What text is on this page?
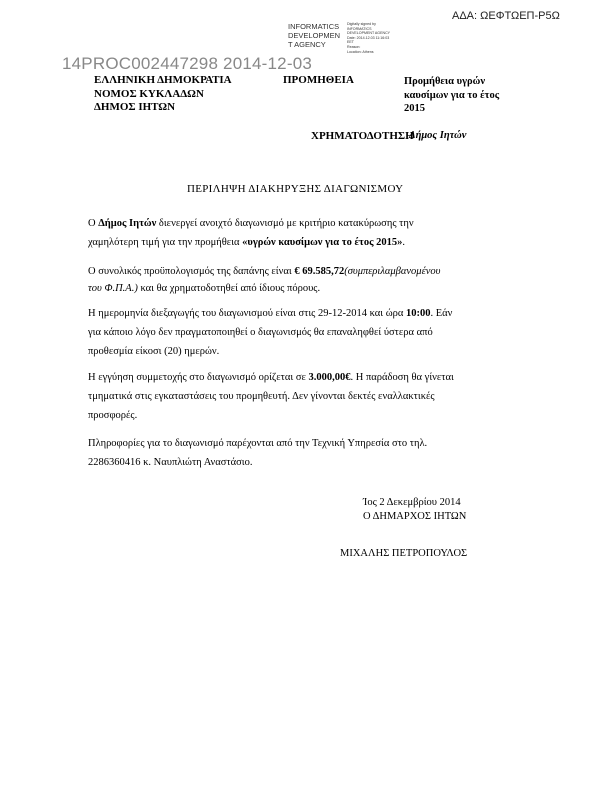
ΑΔΑ: ΩΕΦΤΩΕΠ-Ρ5Ω
INFORMATICS
DEVELOPMEN
T AGENCY
Digitally signed by
INFORMATICS
DEVELOPMENT AGENCY
Date: 2014.12.03 11:16:03
EET
Reason:
Location: Athens
14PROC002447298 2014-12-03
ΕΛΛΗΝΙΚΗ ΔΗΜΟΚΡΑΤΙΑ
ΝΟΜΟΣ ΚΥΚΛΑΔΩΝ
ΔΗΜΟΣ ΙΗΤΩΝ
ΠΡΟΜΗΘΕΙΑ	Προμήθεια υγρών
καυσίμων για το έτος
2015
ΧΡΗΜΑΤΟΔΟΤΗΣΗ
Δήμος Ιητών
ΠΕΡΙΛΗΨΗ ΔΙΑΚΗΡΥΞΗΣ ΔΙΑΓΩΝΙΣΜΟΥ
Ο Δήμος Ιητών διενεργεί ανοιχτό διαγωνισμό με κριτήριο κατακύρωσης την
χαμηλότερη τιμή για την προμήθεια «υγρών καυσίμων για το έτος 2015».
Ο συνολικός προϋπολογισμός της δαπάνης είναι € 69.585,72(συμπεριλαμβανομένου
του Φ.Π.Α.) και θα χρηματοδοτηθεί από ίδιους πόρους.
Η ημερομηνία διεξαγωγής του διαγωνισμού είναι στις 29-12-2014 και ώρα 10:00. Εάν
για κάποιο λόγο δεν πραγματοποιηθεί ο διαγωνισμός θα επαναληφθεί ύστερα από
προθεσμία είκοσι (20) ημερών.
Η εγγύηση συμμετοχής στο διαγωνισμό ορίζεται σε 3.000,00€. Η παράδοση θα γίνεται
τμηματικά στις εγκαταστάσεις του προμηθευτή. Δεν γίνονται δεκτές εναλλακτικές
προσφορές.
Πληροφορίες για το διαγωνισμό παρέχονται από την Τεχνική Υπηρεσία στο τηλ.
2286360416 κ. Ναυπλιώτη Αναστάσιο.
Ίος 2 Δεκεμβρίου 2014
Ο ΔΗΜΑΡΧΟΣ ΙΗΤΩΝ
ΜΙΧΑΛΗΣ ΠΕΤΡΟΠΟΥΛΟΣ
